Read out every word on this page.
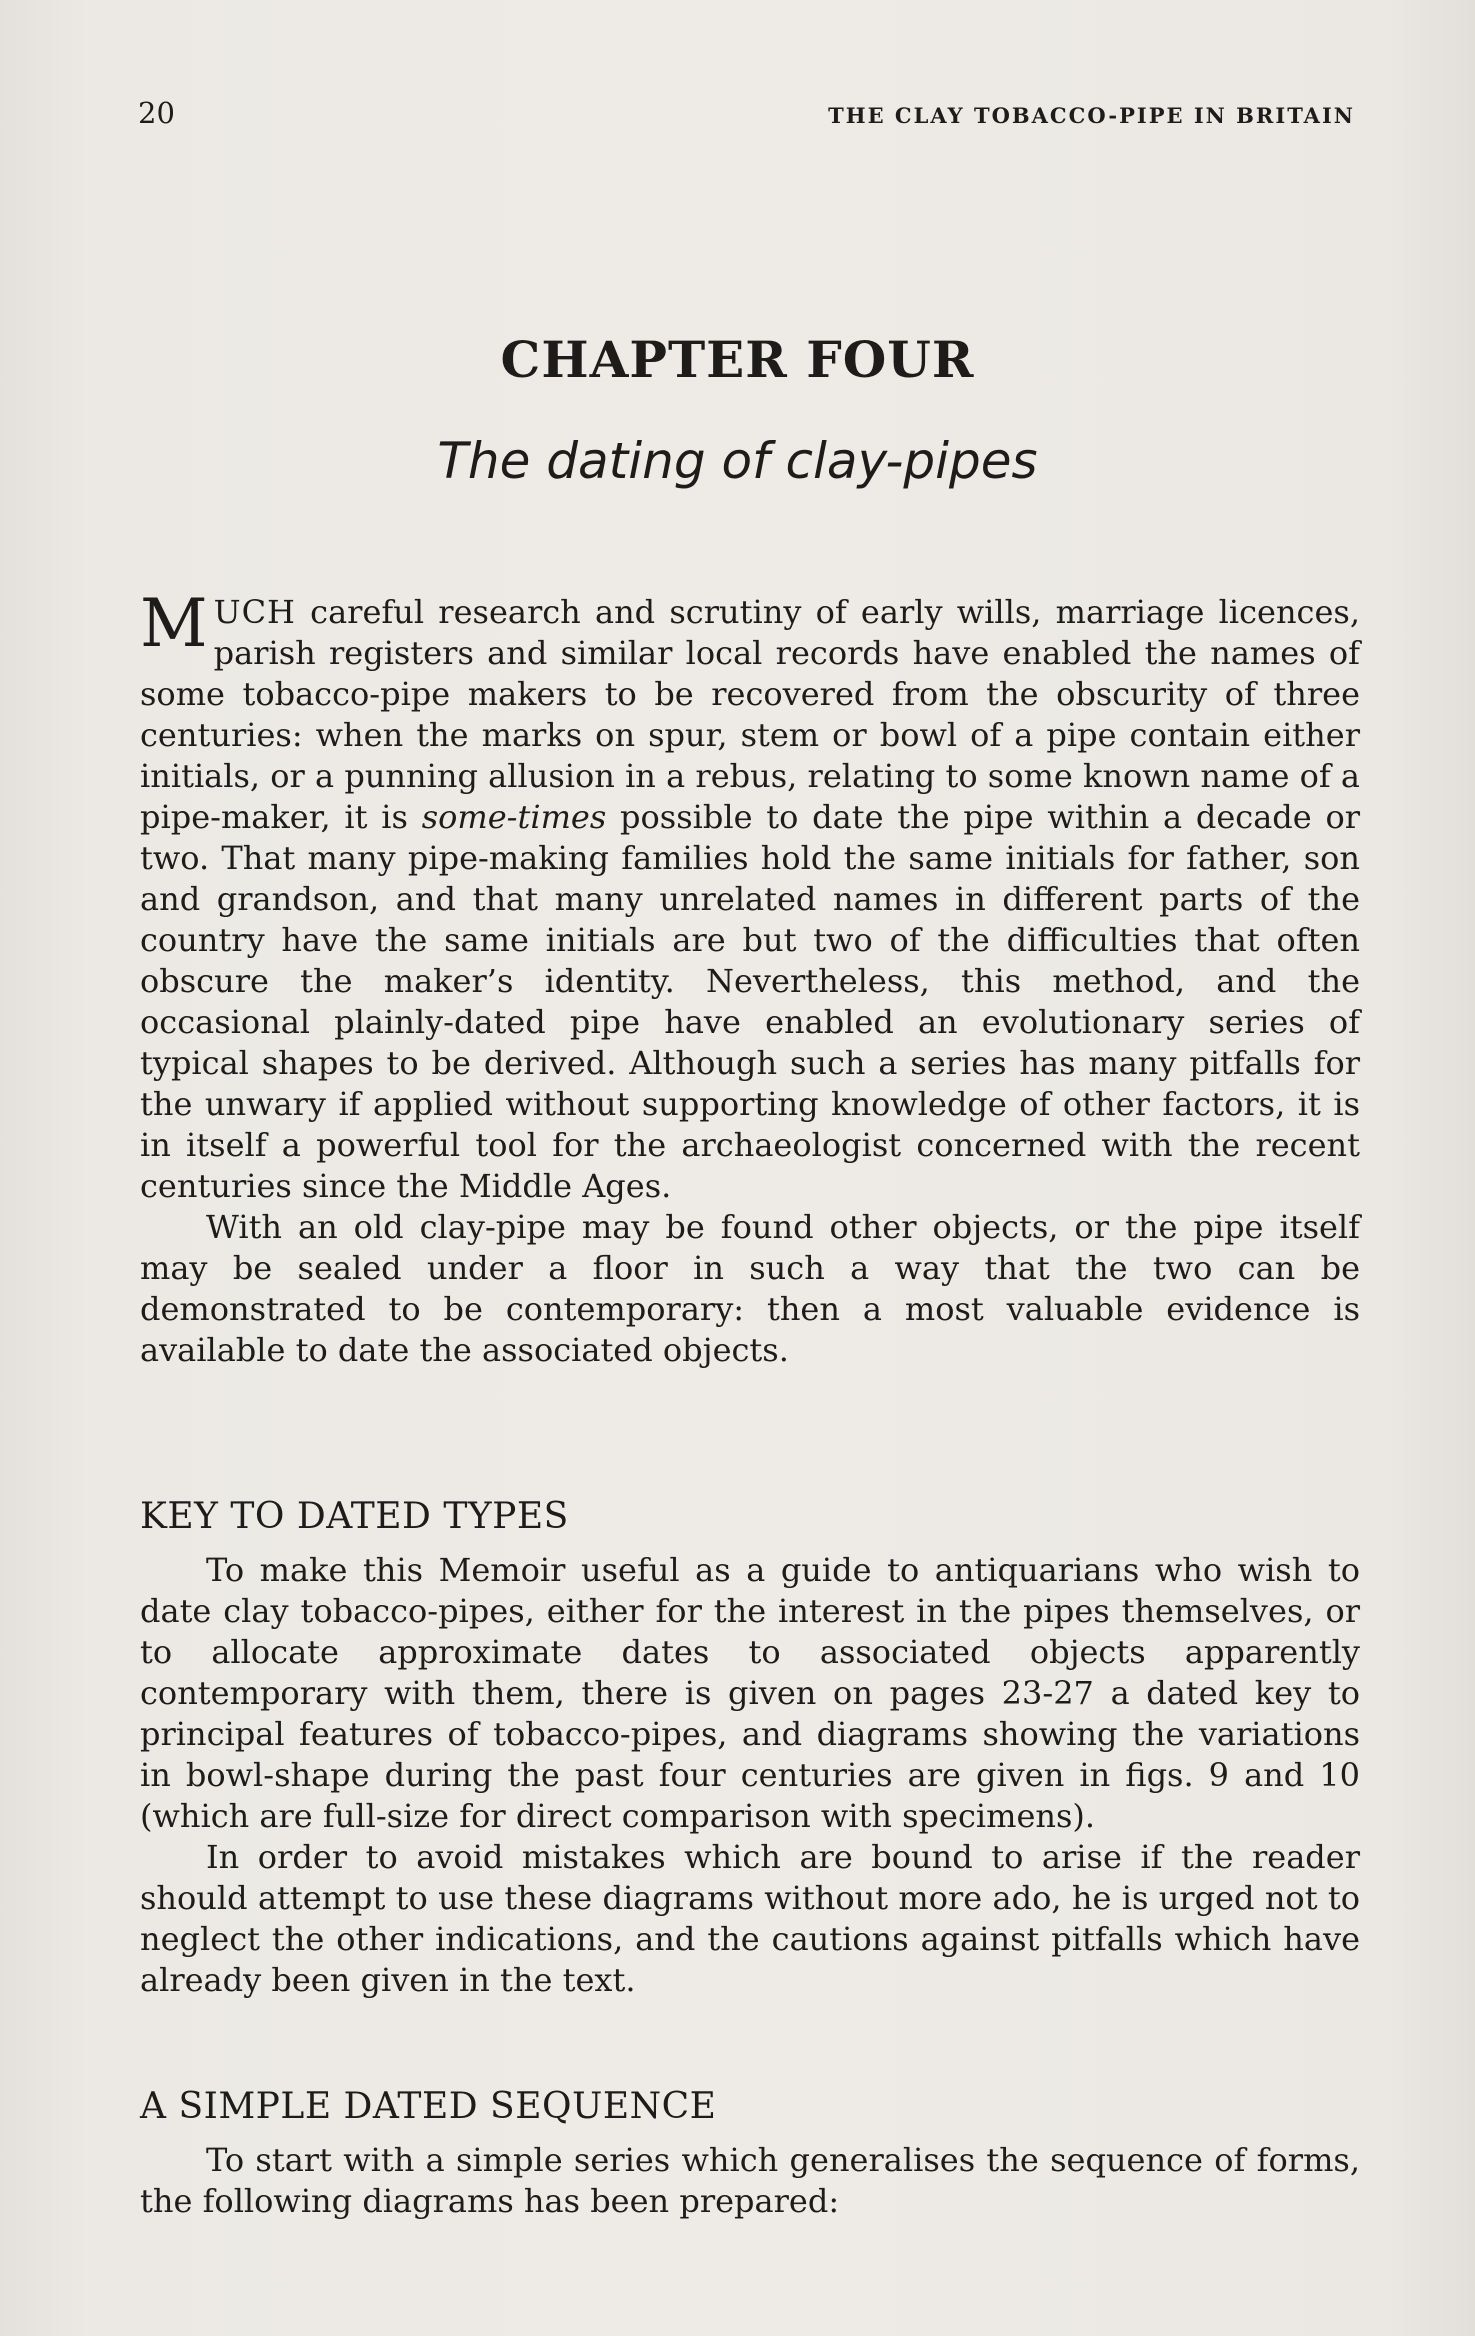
20	THE CLAY TOBACCO-PIPE IN BRITAIN
CHAPTER FOUR
The dating of clay-pipes

MUCH careful research and scrutiny of early wills, marriage licences, parish registers and similar local records have enabled the names of some tobacco-pipe makers to be recovered from the obscurity of three centuries: when the marks on spur, stem or bowl of a pipe contain either initials, or a punning allusion in a rebus, relating to some known name of a pipe-maker, it is some-times possible to date the pipe within a decade or two. That many pipe-making families hold the same initials for father, son and grandson, and that many unrelated names in different parts of the country have the same initials are but two of the difficulties that often obscure the maker’s identity. Nevertheless, this method, and the occasional plainly-dated pipe have enabled an evolutionary series of typical shapes to be derived. Although such a series has many pitfalls for the unwary if applied without supporting knowledge of other factors, it is in itself a powerful tool for the archaeologist concerned with the recent centuries since the Middle Ages.

With an old clay-pipe may be found other objects, or the pipe itself may be sealed under a floor in such a way that the two can be demonstrated to be contemporary: then a most valuable evidence is available to date the associated objects.

KEY TO DATED TYPES

To make this Memoir useful as a guide to antiquarians who wish to date clay tobacco-pipes, either for the interest in the pipes themselves, or to allocate approximate dates to associated objects apparently contemporary with them, there is given on pages 23-27 a dated key to principal features of tobacco-pipes, and diagrams showing the variations in bowl-shape during the past four centuries are given in figs. 9 and 10 (which are full-size for direct comparison with specimens).

In order to avoid mistakes which are bound to arise if the reader should attempt to use these diagrams without more ado, he is urged not to neglect the other indications, and the cautions against pitfalls which have already been given in the text.

A SIMPLE DATED SEQUENCE

To start with a simple series which generalises the sequence of forms, the following diagrams has been prepared:
